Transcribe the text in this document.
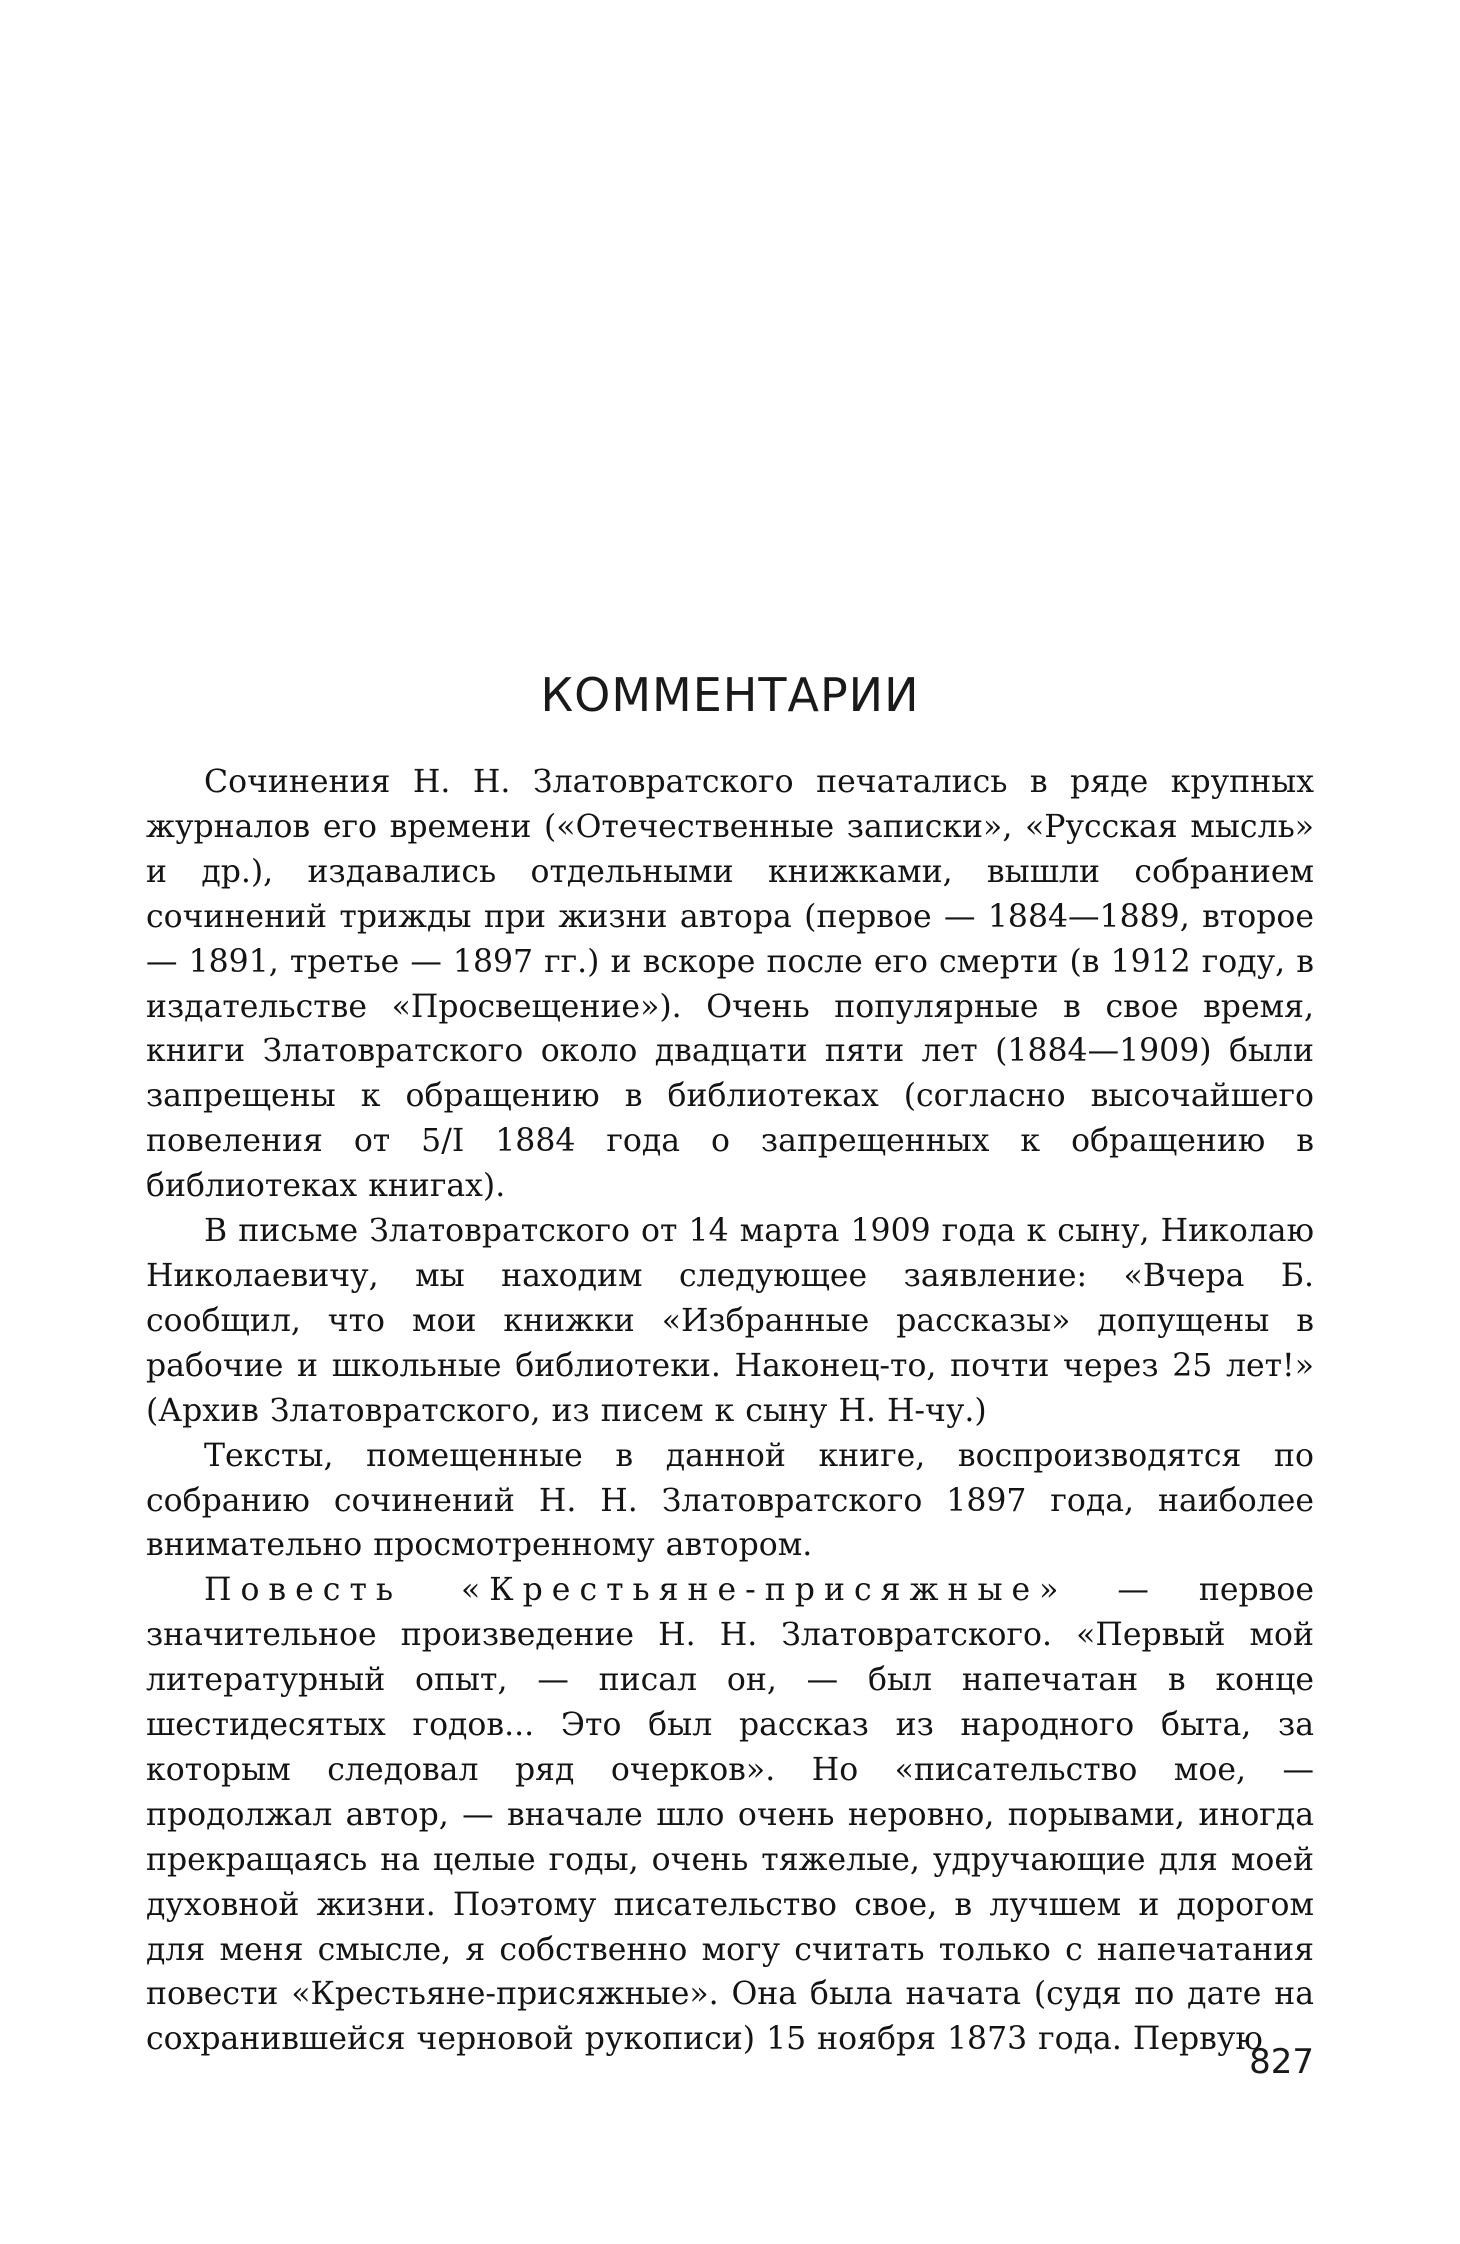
КОММЕНТАРИИ

Сочинения Н. Н. Златовратского печатались в ряде крупных журналов его времени («Отечественные записки», «Русская мысль» и др.), издавались отдельными книжками, вышли собранием сочинений трижды при жизни автора (первое — 1884—1889, второе — 1891, третье — 1897 гг.) и вскоре после его смерти (в 1912 году, в издательстве «Просвещение»). Очень популярные в свое время, книги Златовратского около двадцати пяти лет (1884—1909) были запрещены к обращению в библиотеках (согласно высочайшего повеления от 5/I 1884 года о запрещенных к обращению в библиотеках книгах).

В письме Златовратского от 14 марта 1909 года к сыну, Николаю Николаевичу, мы находим следующее заявление: «Вчера Б. сообщил, что мои книжки «Избранные рассказы» допущены в рабочие и школьные библиотеки. Наконец-то, почти через 25 лет!» (Архив Златовратского, из писем к сыну Н. Н-чу.)

Тексты, помещенные в данной книге, воспроизводятся по собранию сочинений Н. Н. Златовратского 1897 года, наиболее внимательно просмотренному автором.

Повесть «Крестьяне-присяжные» — первое значительное произведение Н. Н. Златовратского. «Первый мой литературный опыт, — писал он, — был напечатан в конце шестидесятых годов... Это был рассказ из народного быта, за которым следовал ряд очерков». Но «писательство мое, — продолжал автор, — вначале шло очень неровно, порывами, иногда прекращаясь на целые годы, очень тяжелые, удручающие для моей духовной жизни. Поэтому писательство свое, в лучшем и дорогом для меня смысле, я собственно могу считать только с напечатания повести «Крестьяне-присяжные». Она была начата (судя по дате на сохранившейся черновой рукописи) 15 ноября 1873 года. Первую

827
